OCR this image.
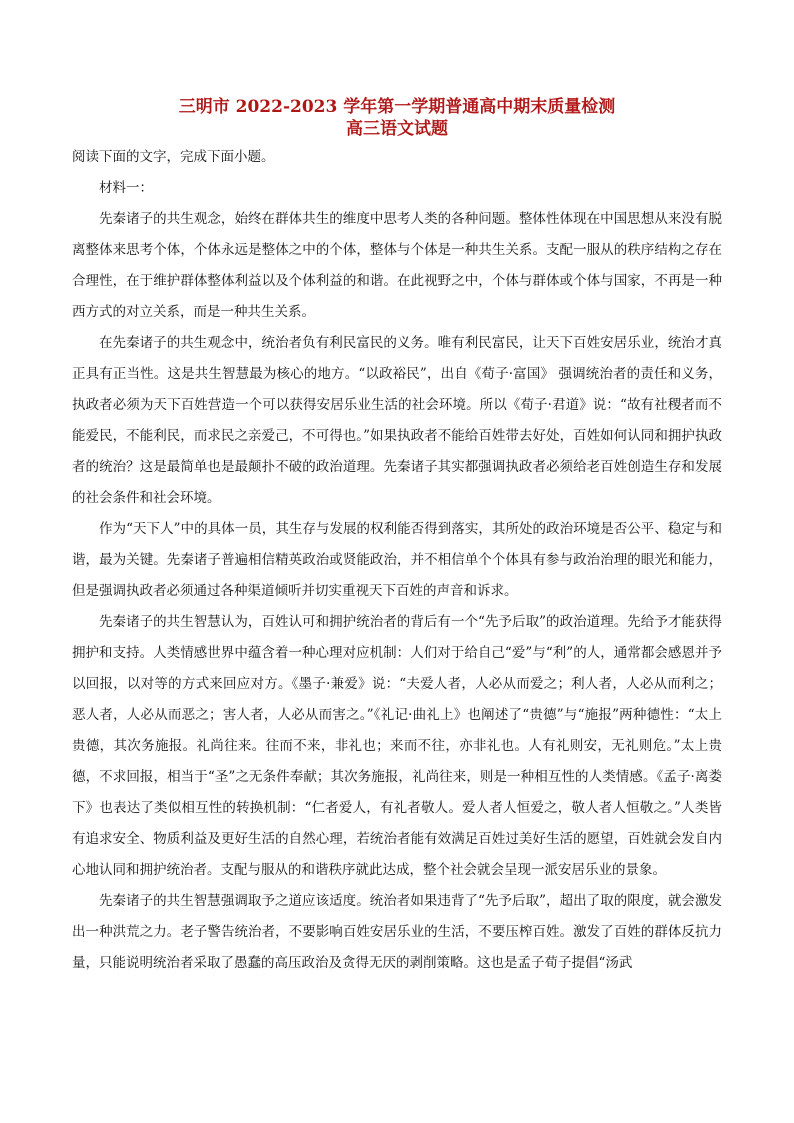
三明市 2022-2023 学年第一学期普通高中期末质量检测
高三语文试题

阅读下面的文字，完成下面小题。

材料一：

先秦诸子的共生观念，始终在群体共生的维度中思考人类的各种问题。整体性体现在中国思想从来没有脱离整体来思考个体，个体永远是整体之中的个体，整体与个体是一种共生关系。支配一服从的秩序结构之存在合理性，在于维护群体整体利益以及个体利益的和谐。在此视野之中，个体与群体或个体与国家，不再是一种西方式的对立关系，而是一种共生关系。

在先秦诸子的共生观念中，统治者负有利民富民的义务。唯有利民富民，让天下百姓安居乐业，统治才真正具有正当性。这是共生智慧最为核心的地方。“以政裕民”，出自《荀子·富国》 强调统治者的责任和义务，执政者必须为天下百姓营造一个可以获得安居乐业生活的社会环境。所以《荀子·君道》说：“故有社稷者而不能爱民，不能利民，而求民之亲爱己，不可得也。”如果执政者不能给百姓带去好处，百姓如何认同和拥护执政者的统治？这是最简单也是最颠扑不破的政治道理。先秦诸子其实都强调执政者必须给老百姓创造生存和发展的社会条件和社会环境。

作为“天下人”中的具体一员，其生存与发展的权利能否得到落实，其所处的政治环境是否公平、稳定与和谐，最为关键。先秦诸子普遍相信精英政治或贤能政治，并不相信单个个体具有参与政治治理的眼光和能力，但是强调执政者必须通过各种渠道倾听并切实重视天下百姓的声音和诉求。

先秦诸子的共生智慧认为，百姓认可和拥护统治者的背后有一个“先予后取”的政治道理。先给予才能获得拥护和支持。人类情感世界中蕴含着一种心理对应机制：人们对于给自己“爱”与“利”的人，通常都会感恩并予以回报，以对等的方式来回应对方。《墨子·兼爱》说：“夫爱人者，人必从而爱之；利人者，人必从而利之；恶人者，人必从而恶之；害人者，人必从而害之。”《礼记·曲礼上》也阐述了“贵德”与“施报”两种德性：“太上贵德，其次务施报。礼尚往来。往而不来，非礼也；来而不往，亦非礼也。人有礼则安，无礼则危。”太上贵德，不求回报，相当于“圣”之无条件奉献；其次务施报，礼尚往来，则是一种相互性的人类情感。《孟子·离娄下》也表达了类似相互性的转换机制：“仁者爱人，有礼者敬人。爱人者人恒爱之，敬人者人恒敬之。”人类皆有追求安全、物质利益及更好生活的自然心理，若统治者能有效满足百姓过美好生活的愿望，百姓就会发自内心地认同和拥护统治者。支配与服从的和谐秩序就此达成，整个社会就会呈现一派安居乐业的景象。

先秦诸子的共生智慧强调取予之道应该适度。统治者如果违背了“先予后取”，超出了取的限度，就会激发出一种洪荒之力。老子警告统治者，不要影响百姓安居乐业的生活，不要压榨百姓。激发了百姓的群体反抗力量，只能说明统治者采取了愚蠢的高压政治及贪得无厌的剥削策略。这也是孟子荀子提倡“汤武
